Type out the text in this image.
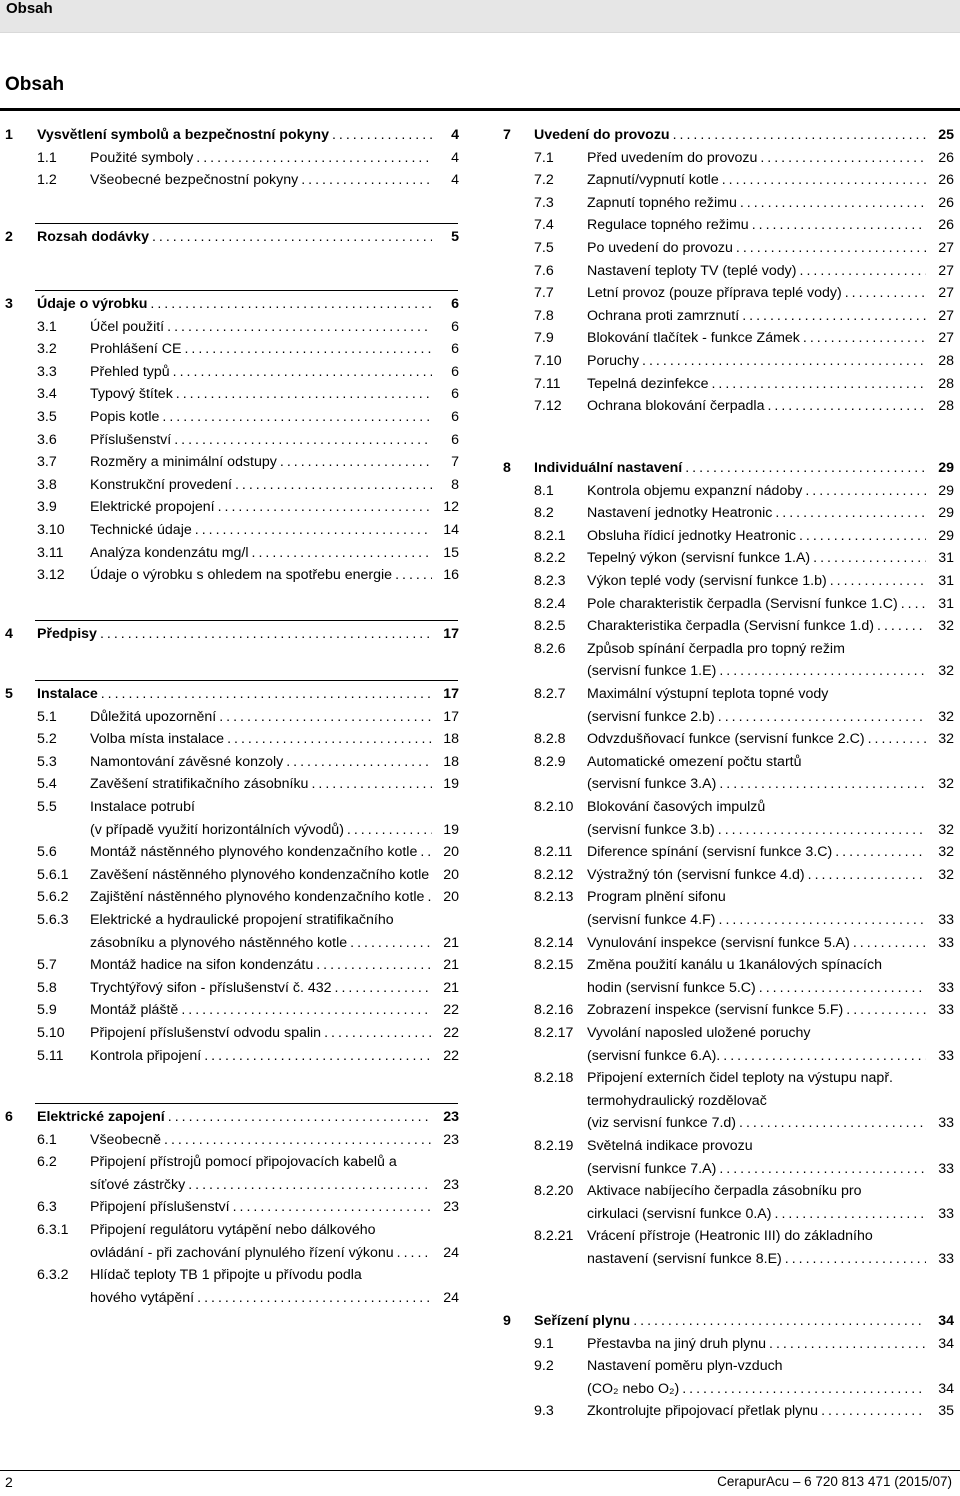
Obsah
Obsah
1 Vysvětlení symbolů a bezpečnostní pokyny .....	4
1.1 Použité symboly .....	4
1.2 Všeobecné bezpečnostní pokyny .....	4
2 Rozsah dodávky .....	5
3 Údaje o výrobku .....	6
3.1 Účel použití .....	6
3.2 Prohlášení CE .....	6
3.3 Přehled typů .....	6
3.4 Typový štítek .....	6
3.5 Popis kotle .....	6
3.6 Příslušenství .....	6
3.7 Rozměry a minimální odstupy .....	7
3.8 Konstrukční provedení .....	8
3.9 Elektrické propojení .....	12
3.10 Technické údaje .....	14
3.11 Analýza kondenzátu mg/l .....	15
3.12 Údaje o výrobku s ohledem na spotřebu energie .....	16
4 Předpisy .....	17
5 Instalace .....	17
5.1 Důležitá upozornění .....	17
5.2 Volba místa instalace .....	18
5.3 Namontování závěsné konzoly .....	18
5.4 Zavěšení stratifikačního zásobníku .....	19
5.5 Instalace potrubí
(v případě využití horizontálních vývodů) .....	19
5.6 Montáž nástěnného plynového kondenzačního kotle ..... 20
5.6.1 Zavěšení nástěnného plynového kondenzačního kotle ..... 20
5.6.2 Zajištění nástěnného plynového kondenzačního kotle ..... 20
5.6.3 Elektrické a hydraulické propojení stratifikačního
zásobníku a plynového nástěnného kotle .....	21
5.7 Montáž hadice na sifon kondenzátu .....	21
5.8 Trychtýřový sifon - příslušenství č. 432 .....	21
5.9 Montáž pláště .....	22
5.10 Připojení příslušenství odvodu spalin .....	22
5.11 Kontrola připojení .....	22
6 Elektrické zapojení .....	23
6.1 Všeobecně .....	23
6.2 Připojení přístrojů pomocí připojovacích kabelů a
síťové zástrčky .....	23
6.3 Připojení příslušenství .....	23
6.3.1 Připojení regulátoru vytápění nebo dálkového
ovládání - při zachování plynulého řízení výkonu .....	24
6.3.2 Hlídač teploty TB 1 připojte u přívodu podla
hového vytápění .....	24
7 Uvedení do provozu .....	25
7.1 Před uvedením do provozu .....	26
7.2 Zapnutí/vypnutí kotle .....	26
7.3 Zapnutí topného režimu .....	26
7.4 Regulace topného režimu .....	26
7.5 Po uvedení do provozu .....	27
7.6 Nastavení teploty TV (teplé vody) .....	27
7.7 Letní provoz (pouze příprava teplé vody) .....	27
7.8 Ochrana proti zamrznutí .....	27
7.9 Blokování tlačítek - funkce Zámek .....	27
7.10 Poruchy .....	28
7.11 Tepelná dezinfekce .....	28
7.12 Ochrana blokování čerpadla .....	28
8 Individuální nastavení .....	29
8.1 Kontrola objemu expanzní nádoby .....	29
8.2 Nastavení jednotky Heatronic .....	29
8.2.1 Obsluha řídicí jednotky Heatronic .....	29
8.2.2 Tepelný výkon (servisní funkce 1.A) .....	31
8.2.3 Výkon teplé vody (servisní funkce 1.b) .....	31
8.2.4 Pole charakteristik čerpadla (Servisní funkce 1.C) .....	31
8.2.5 Charakteristika čerpadla (Servisní funkce 1.d) .....	32
8.2.6 Způsob spínání čerpadla pro topný režim
(servisní funkce 1.E) .....	32
8.2.7 Maximální výstupní teplota topné vody
(servisní funkce 2.b) .....	32
8.2.8 Odvzdušňovací funkce (servisní funkce 2.C) .....	32
8.2.9 Automatické omezení počtu startů
(servisní funkce 3.A) .....	32
8.2.10 Blokování časových impulzů
(servisní funkce 3.b) .....	32
8.2.11 Diference spínání (servisní funkce 3.C) .....	32
8.2.12 Výstražný tón (servisní funkce 4.d) .....	32
8.2.13 Program plnění sifonu
(servisní funkce 4.F) .....	33
8.2.14 Vynulování inspekce (servisní funkce 5.A) .....	33
8.2.15 Změna použití kanálu u 1kanálových spínacích
hodin (servisní funkce 5.C) .....	33
8.2.16 Zobrazení inspekce (servisní funkce 5.F) .....	33
8.2.17 Vyvolání naposled uložené poruchy
(servisní funkce 6.A). .....	33
8.2.18 Připojení externích čidel teploty na výstupu např.
termohydraulický rozdělovač
(viz servisní funkce 7.d) .....	33
8.2.19 Světelná indikace provozu
(servisní funkce 7.A) .....	33
8.2.20 Aktivace nabíjecího čerpadla zásobníku pro
cirkulaci (servisní funkce 0.A) .....	33
8.2.21 Vrácení přístroje (Heatronic III) do základního
nastavení (servisní funkce 8.E) .....	33
9 Seřízení plynu .....	34
9.1 Přestavba na jiný druh plynu .....	34
9.2 Nastavení poměru plyn-vzduch
(CO₂ nebo O₂) .....	34
9.3 Zkontrolujte připojovací přetlak plynu .....	35
2	CerapurAcu – 6 720 813 471 (2015/07)
